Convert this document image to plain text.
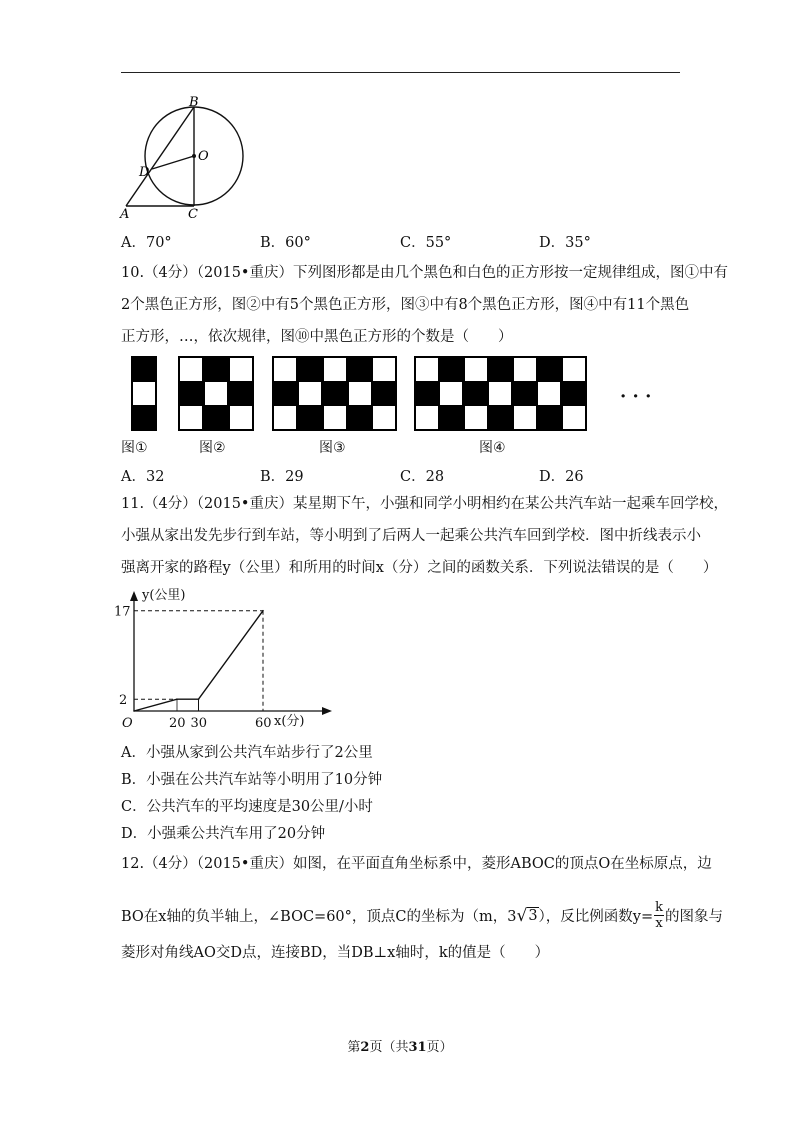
B
O
D
A	C
A．70°	B．60°	C．55°	D．35°
10.（4分）（2015•重庆）下列图形都是由几个黑色和白色的正方形按一定规律组成，图①中有
2个黑色正方形，图②中有5个黑色正方形，图③中有8个黑色正方形，图④中有11个黑色
正方形，…，依次规律，图⑩中黑色正方形的个数是（　　）
· · ·
图①	图②	图③	图④
A．32	B．29	C．28	D．26
11.（4分）（2015•重庆）某星期下午，小强和同学小明相约在某公共汽车站一起乘车回学校，
小强从家出发先步行到车站，等小明到了后两人一起乘公共汽车回到学校．图中折线表示小
强离开家的路程y（公里）和所用的时间x（分）之间的函数关系．下列说法错误的是（　　）
20 30	60
2
17
O	x(分)
y(公里)
A．小强从家到公共汽车站步行了2公里
B．小强在公共汽车站等小明用了10分钟
C．公共汽车的平均速度是30公里/小时
D．小强乘公共汽车用了20分钟
12.（4分）（2015•重庆）如图，在平面直角坐标系中，菱形ABOC的顶点O在坐标原点，边
BO在x轴的负半轴上，∠BOC=60°，顶点C的坐标为（m，3 √ 3 ），反比例函数$y= \frac{k}{x}$ 的图象与
菱形对角线AO交D点，连接BD，当DB⊥x轴时，k的值是（　　）
第2页（共31页）
